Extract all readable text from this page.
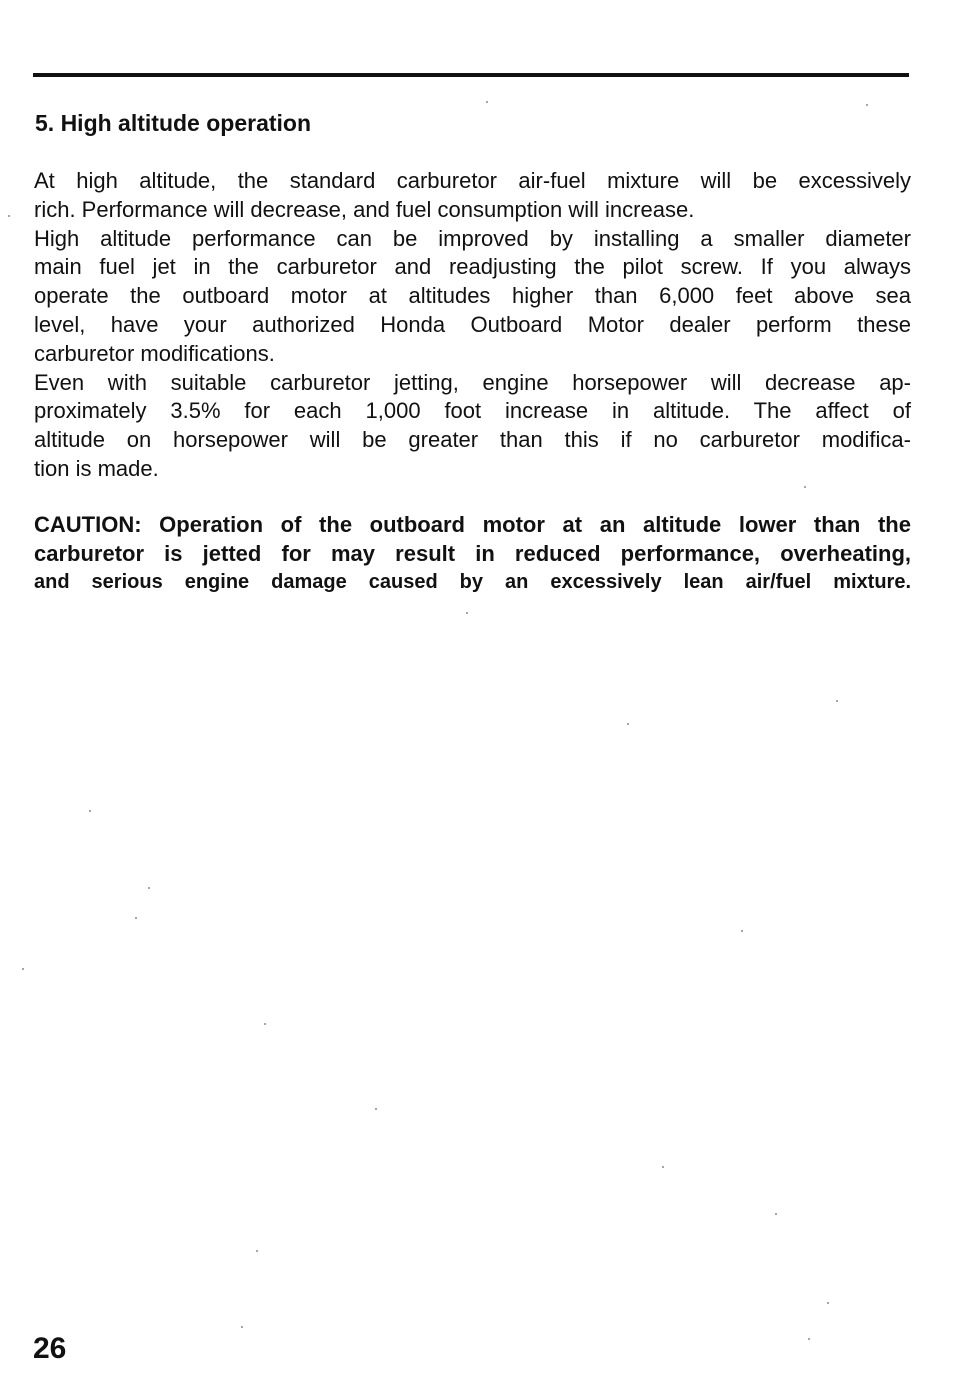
5. High altitude operation
At high altitude, the standard carburetor air-fuel mixture will be excessively
rich. Performance will decrease, and fuel consumption will increase.
High altitude performance can be improved by installing a smaller diameter
main fuel jet in the carburetor and readjusting the pilot screw. If you always
operate the outboard motor at altitudes higher than 6,000 feet above sea
level, have your authorized Honda Outboard Motor dealer perform these
carburetor modifications.
Even with suitable carburetor jetting, engine horsepower will decrease ap-
proximately 3.5% for each 1,000 foot increase in altitude. The affect of
altitude on horsepower will be greater than this if no carburetor modifica-
tion is made.
CAUTION: Operation of the outboard motor at an altitude lower than the
carburetor is jetted for may result in reduced performance, overheating,
and serious engine damage caused by an excessively lean air/fuel mixture.

26
